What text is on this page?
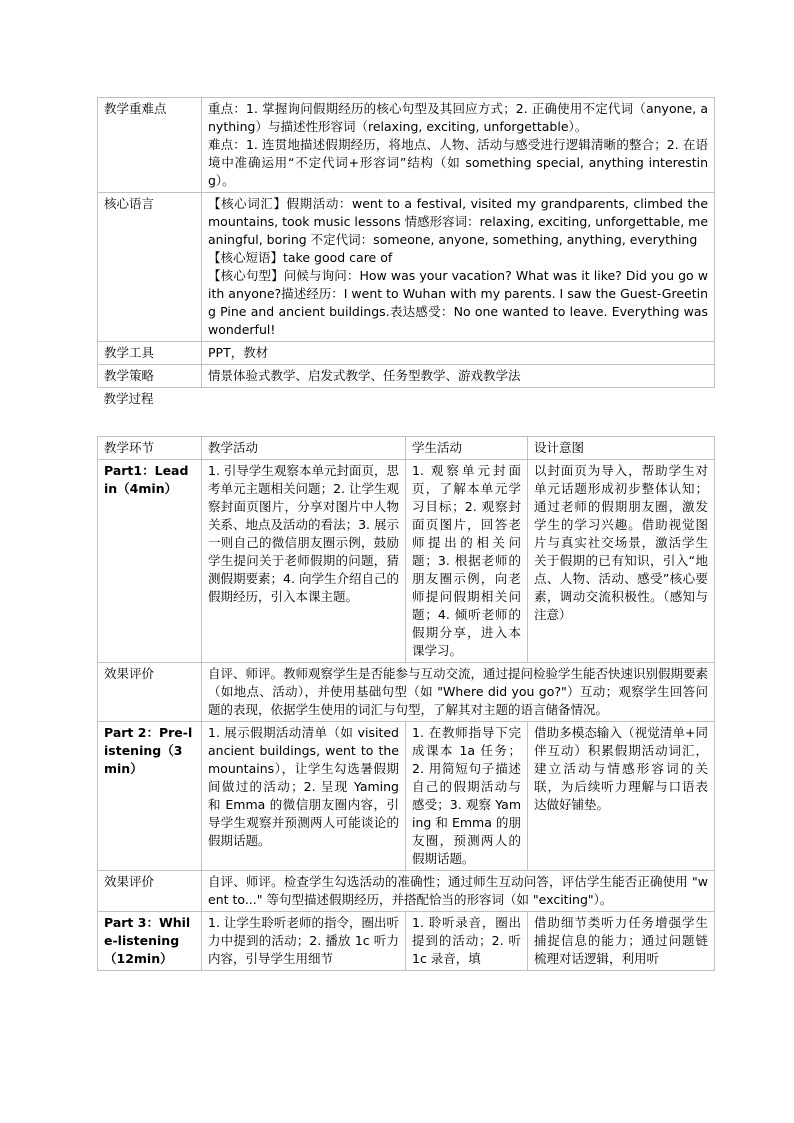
教学重难点	重点：1. 掌握询问假期经历的核心句型及其回应方式；2. 正确使用不定代词（anyone, anything）与描述性形容词（relaxing, exciting, unforgettable）。
难点：1. 连贯地描述假期经历，将地点、人物、活动与感受进行逻辑清晰的整合；2. 在语境中准确运用“不定代词+形容词”结构（如 something special, anything interesting）。		
核心语言	【核心词汇】假期活动：went to a festival, visited my grandparents, climbed the mountains, took music lessons 情感形容词：relaxing, exciting, unforgettable, meaningful, boring 不定代词：someone, anyone, something, anything, everything
【核心短语】take good care of
【核心句型】问候与询问：How was your vacation? What was it like? Did you go with anyone?描述经历：I went to Wuhan with my parents. I saw the Guest-Greeting Pine and ancient buildings.表达感受：No one wanted to leave. Everything was wonderful!		
教学工具	PPT，教材		
教学策略	情景体验式教学、启发式教学、任务型教学、游戏教学法		
教学过程			
教学环节	教学活动	学生活动	设计意图
Part1：Lead in（4min）	1. 引导学生观察本单元封面页，思考单元主题相关问题；2. 让学生观察封面页图片，分享对图片中人物关系、地点及活动的看法；3. 展示一则自己的微信朋友圈示例，鼓励学生提问关于老师假期的问题，猜测假期要素；4. 向学生介绍自己的假期经历，引入本课主题。	1. 观察单元封面页，了解本单元学习目标；2. 观察封面页图片，回答老师提出的相关问题；3. 根据老师的朋友圈示例，向老师提问假期相关问题；4. 倾听老师的假期分享，进入本课学习。	以封面页为导入，帮助学生对单元话题形成初步整体认知；通过老师的假期朋友圈，激发学生的学习兴趣。借助视觉图片与真实社交场景，激活学生关于假期的已有知识，引入“地点、人物、活动、感受”核心要素，调动交流积极性。（感知与注意）
效果评价	自评、师评。教师观察学生是否能参与互动交流，通过提问检验学生能否快速识别假期要素（如地点、活动），并使用基础句型（如 "Where did you go?"）互动；观察学生回答问题的表现，依据学生使用的词汇与句型，了解其对主题的语言储备情况。		
Part 2：Pre-listening（3min）	1. 展示假期活动清单（如 visited ancient buildings, went to the mountains），让学生勾选暑假期间做过的活动；2. 呈现 Yaming 和 Emma 的微信朋友圈内容，引导学生观察并预测两人可能谈论的假期话题。	1. 在教师指导下完成课本 1a 任务；2. 用简短句子描述自己的假期活动与感受；3. 观察 Yaming 和 Emma 的朋友圈，预测两人的假期话题。	借助多模态输入（视觉清单+同伴互动）积累假期活动词汇，建立活动与情感形容词的关联，为后续听力理解与口语表达做好铺垫。
效果评价	自评、师评。检查学生勾选活动的准确性；通过师生互动问答，评估学生能否正确使用 "went to..." 等句型描述假期经历，并搭配恰当的形容词（如 "exciting"）。		
Part 3：While-listening（12min）	1. 让学生聆听老师的指令，圈出听力中提到的活动；2. 播放 1c 听力内容，引导学生用细节	1. 聆听录音，圈出提到的活动；2. 听 1c 录音，填	借助细节类听力任务增强学生捕捉信息的能力；通过问题链梳理对话逻辑，利用听
